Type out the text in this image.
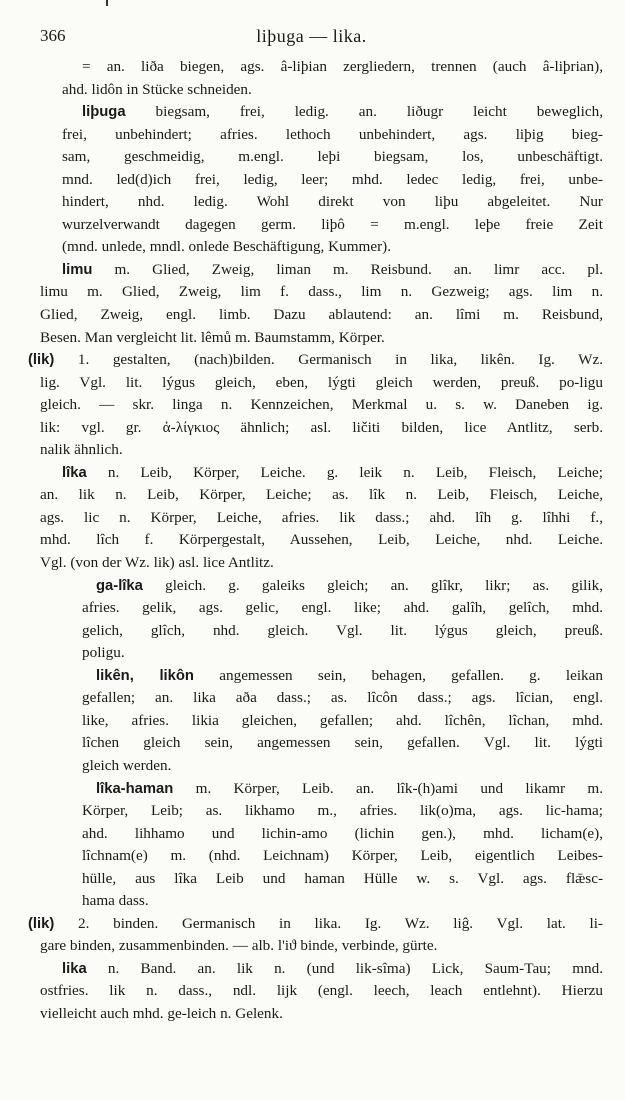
366	liþuga — lika.
= an. liða biegen, ags. â-liþian zergliedern, trennen (auch â-liþrian),
ahd. lidôn in Stücke schneiden.
liþuga biegsam, frei, ledig. an. liðugr leicht beweglich,
frei, unbehindert; afries. lethoch unbehindert, ags. liþig bieg-
sam, geschmeidig, m.engl. leþi biegsam, los, unbeschäftigt.
mnd. led(d)ich frei, ledig, leer; mhd. ledec ledig, frei, unbe-
hindert, nhd. ledig. Wohl direkt von liþu abgeleitet. Nur
wurzelverwandt dagegen germ. liþô = m.engl. leþe freie Zeit
(mnd. unlede, mndl. onlede Beschäftigung, Kummer).
limu m. Glied, Zweig, liman m. Reisbund. an. limr acc. pl.
limu m. Glied, Zweig, lim f. dass., lim n. Gezweig; ags. lim n.
Glied, Zweig, engl. limb. Dazu ablautend: an. lîmi m. Reisbund,
Besen. Man vergleicht lit. lêmů m. Baumstamm, Körper.
(lik) 1. gestalten, (nach)bilden. Germanisch in lika, likên. Ig. Wz.
lig. Vgl. lit. lýgus gleich, eben, lýgti gleich werden, preuß. po-ligu
gleich. — skr. linga n. Kennzeichen, Merkmal u. s. w. Daneben ig.
lik: vgl. gr. ἀ-λίγκιος ähnlich; asl. ličiti bilden, lice Antlitz, serb.
nalik ähnlich.
lîka n. Leib, Körper, Leiche. g. leik n. Leib, Fleisch, Leiche;
an. lik n. Leib, Körper, Leiche; as. lîk n. Leib, Fleisch, Leiche,
ags. lic n. Körper, Leiche, afries. lik dass.; ahd. lîh g. lîhhi f.,
mhd. lîch f. Körpergestalt, Aussehen, Leib, Leiche, nhd. Leiche.
Vgl. (von der Wz. lik) asl. lice Antlitz.
ga-lîka gleich. g. galeiks gleich; an. glîkr, likr; as. gilik,
afries. gelik, ags. gelic, engl. like; ahd. galîh, gelîch, mhd.
gelich, glîch, nhd. gleich. Vgl. lit. lýgus gleich, preuß.
poligu.
likên, likôn angemessen sein, behagen, gefallen. g. leikan
gefallen; an. lika aða dass.; as. lîcôn dass.; ags. lîcian, engl.
like, afries. likia gleichen, gefallen; ahd. lîchên, lîchan, mhd.
lîchen gleich sein, angemessen sein, gefallen. Vgl. lit. lýgti
gleich werden.
lîka-haman m. Körper, Leib. an. lîk-(h)ami und likamr m.
Körper, Leib; as. likhamo m., afries. lik(o)ma, ags. lic-hama;
ahd. lihhamo und lichin-amo (lichin gen.), mhd. licham(e),
lîchnam(e) m. (nhd. Leichnam) Körper, Leib, eigentlich Leibes-
hülle, aus lîka Leib und haman Hülle w. s. Vgl. ags. flǣsc-
hama dass.
(lik) 2. binden. Germanisch in lika. Ig. Wz. liĝ. Vgl. lat. li-
gare binden, zusammenbinden. — alb. l'iϑ binde, verbinde, gürte.
lika n. Band. an. lik n. (und lik-sîma) Lick, Saum-Tau; mnd.
ostfries. lik n. dass., ndl. lijk (engl. leech, leach entlehnt). Hierzu
vielleicht auch mhd. ge-leich n. Gelenk.
